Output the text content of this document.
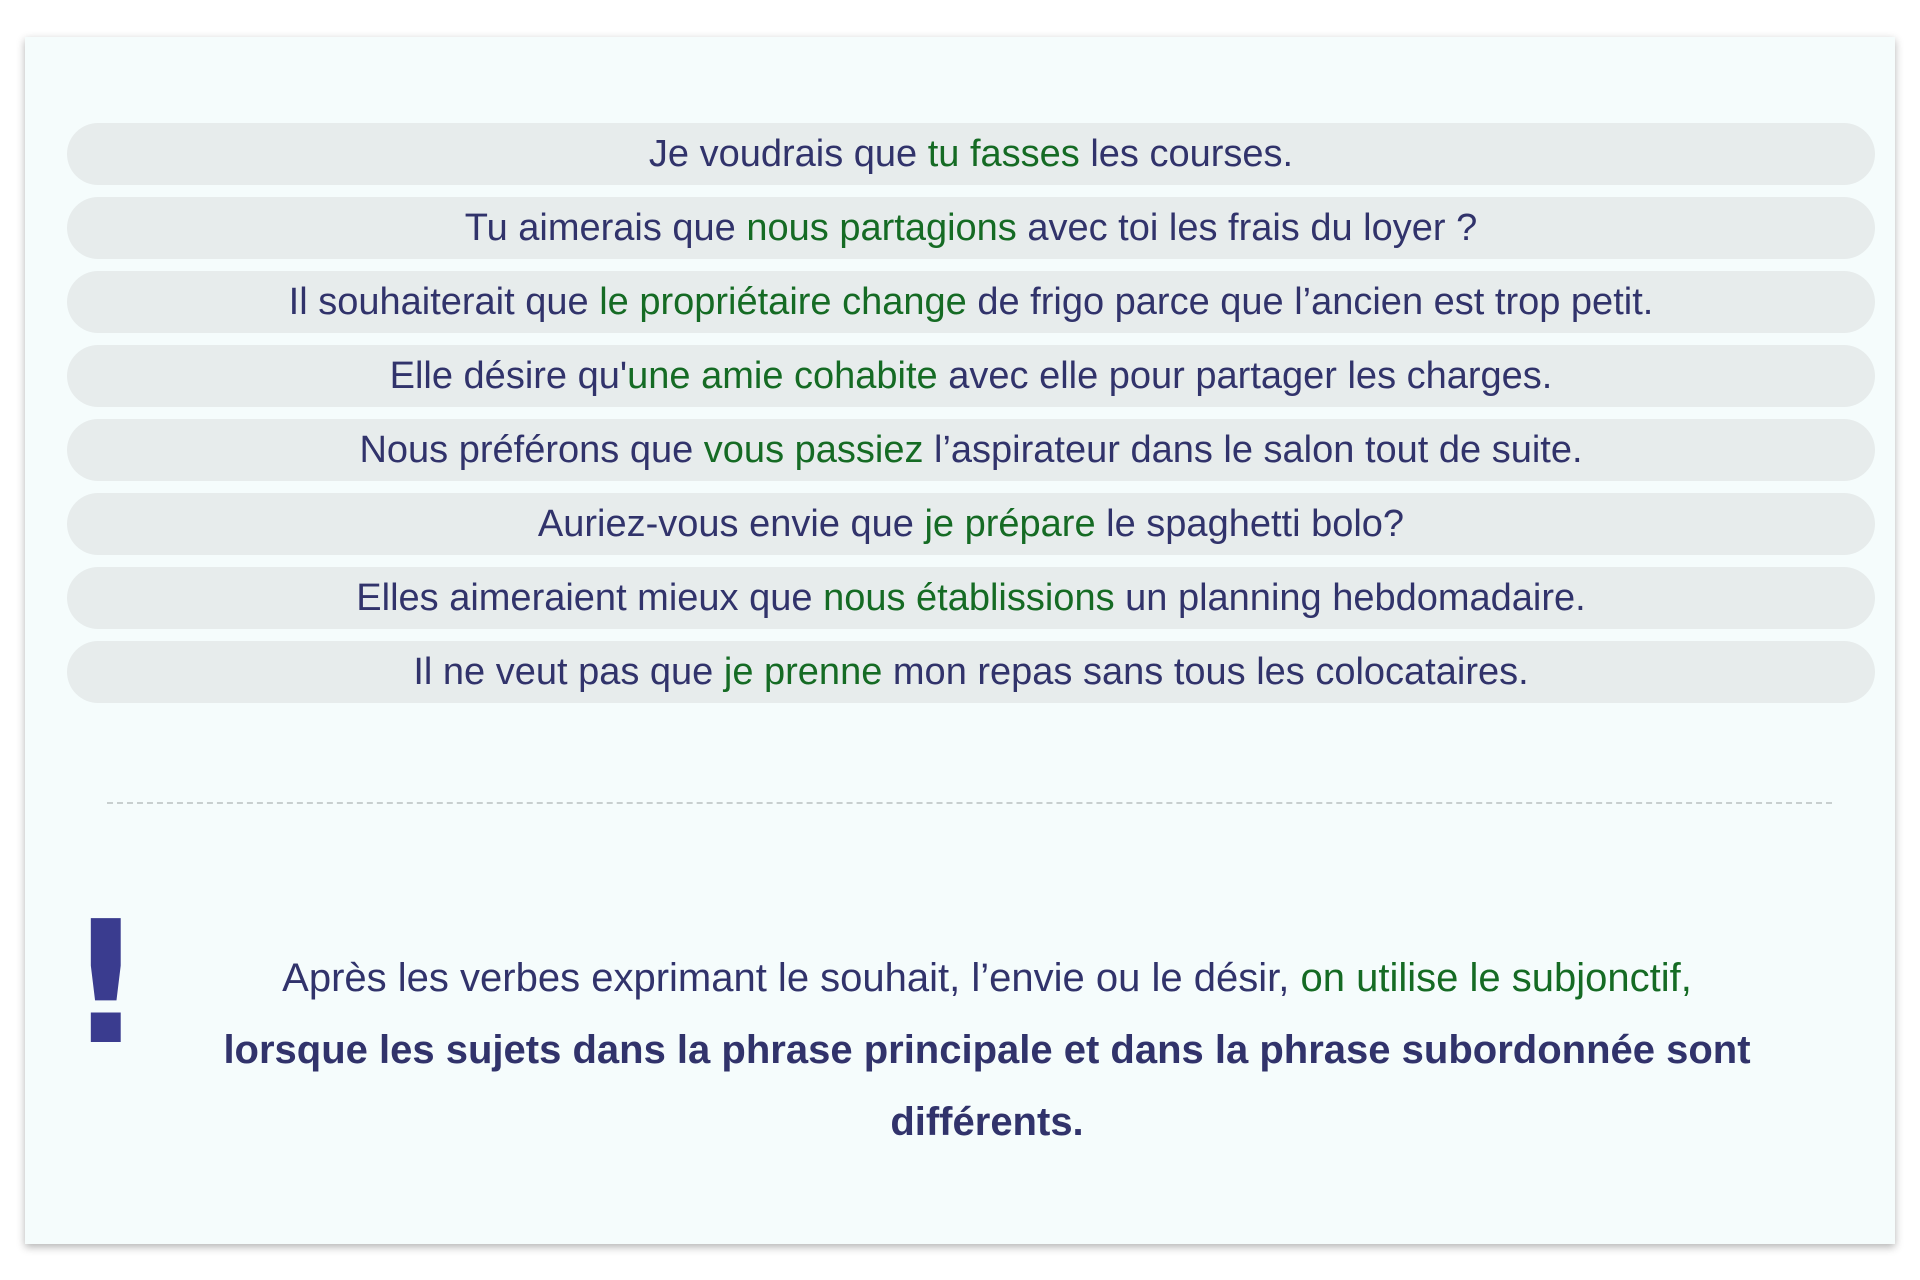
Je voudrais que tu fasses les courses.
Tu aimerais que nous partagions avec toi les frais du loyer ?
Il souhaiterait que le propriétaire change de frigo parce que l’ancien est trop petit.
Elle désire qu' une amie cohabite avec elle pour partager les charges.
Nous préférons que vous passiez l’aspirateur dans le salon tout de suite.
Auriez-vous envie que je prépare le spaghetti bolo?
Elles aimeraient mieux que nous établissions un planning hebdomadaire.
Il ne veut pas que je prenne mon repas sans tous les colocataires.
!	Après les verbes exprimant le souhait, l’envie ou le désir, on utilise le subjonctif,
lorsque les sujets dans la phrase principale et dans la phrase subordonnée sont différents.
